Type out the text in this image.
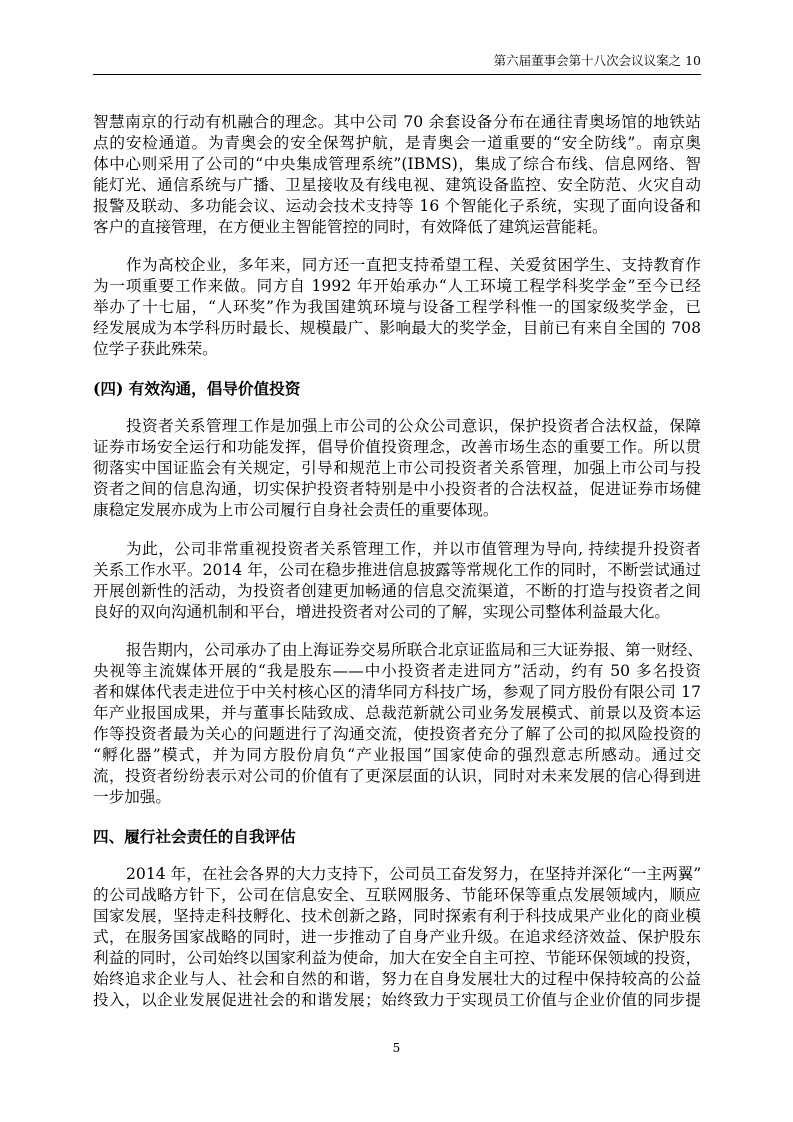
第六届董事会第十八次会议议案之 10
智慧南京的行动有机融合的理念。其中公司 70 余套设备分布在通往青奥场馆的地铁站
点的安检通道。为青奥会的安全保驾护航，是青奥会一道重要的“安全防线”。南京奥
体中心则采用了公司的“中央集成管理系统”(IBMS)，集成了综合布线、信息网络、智
能灯光、通信系统与广播、卫星接收及有线电视、建筑设备监控、安全防范、火灾自动
报警及联动、多功能会议、运动会技术支持等 16 个智能化子系统，实现了面向设备和
客户的直接管理，在方便业主智能管控的同时，有效降低了建筑运营能耗。
作为高校企业，多年来，同方还一直把支持希望工程、关爱贫困学生、支持教育作
为一项重要工作来做。同方自 1992 年开始承办“人工环境工程学科奖学金”至今已经
举办了十七届，“人环奖”作为我国建筑环境与设备工程学科惟一的国家级奖学金，已
经发展成为本学科历时最长、规模最广、影响最大的奖学金，目前已有来自全国的 708
位学子获此殊荣。
(四) 有效沟通，倡导价值投资
投资者关系管理工作是加强上市公司的公众公司意识，保护投资者合法权益，保障
证券市场安全运行和功能发挥，倡导价值投资理念，改善市场生态的重要工作。所以贯
彻落实中国证监会有关规定，引导和规范上市公司投资者关系管理，加强上市公司与投
资者之间的信息沟通，切实保护投资者特别是中小投资者的合法权益，促进证券市场健
康稳定发展亦成为上市公司履行自身社会责任的重要体现。
为此，公司非常重视投资者关系管理工作，并以市值管理为导向, 持续提升投资者
关系工作水平。2014 年，公司在稳步推进信息披露等常规化工作的同时，不断尝试通过
开展创新性的活动，为投资者创建更加畅通的信息交流渠道，不断的打造与投资者之间
良好的双向沟通机制和平台，增进投资者对公司的了解，实现公司整体利益最大化。
报告期内，公司承办了由上海证券交易所联合北京证监局和三大证券报、第一财经、
央视等主流媒体开展的“我是股东——中小投资者走进同方”活动，约有 50 多名投资
者和媒体代表走进位于中关村核心区的清华同方科技广场，参观了同方股份有限公司 17
年产业报国成果，并与董事长陆致成、总裁范新就公司业务发展模式、前景以及资本运
作等投资者最为关心的问题进行了沟通交流，使投资者充分了解了公司的拟风险投资的
“孵化器”模式，并为同方股份肩负“产业报国”国家使命的强烈意志所感动。通过交
流，投资者纷纷表示对公司的价值有了更深层面的认识，同时对未来发展的信心得到进
一步加强。
四、履行社会责任的自我评估
2014 年，在社会各界的大力支持下，公司员工奋发努力，在坚持并深化“一主两翼”
的公司战略方针下，公司在信息安全、互联网服务、节能环保等重点发展领域内，顺应
国家发展，坚持走科技孵化、技术创新之路，同时探索有利于科技成果产业化的商业模
式，在服务国家战略的同时，进一步推动了自身产业升级。在追求经济效益、保护股东
利益的同时，公司始终以国家利益为使命，加大在安全自主可控、节能环保领域的投资，
始终追求企业与人、社会和自然的和谐，努力在自身发展壮大的过程中保持较高的公益
投入，以企业发展促进社会的和谐发展；始终致力于实现员工价值与企业价值的同步提
5
